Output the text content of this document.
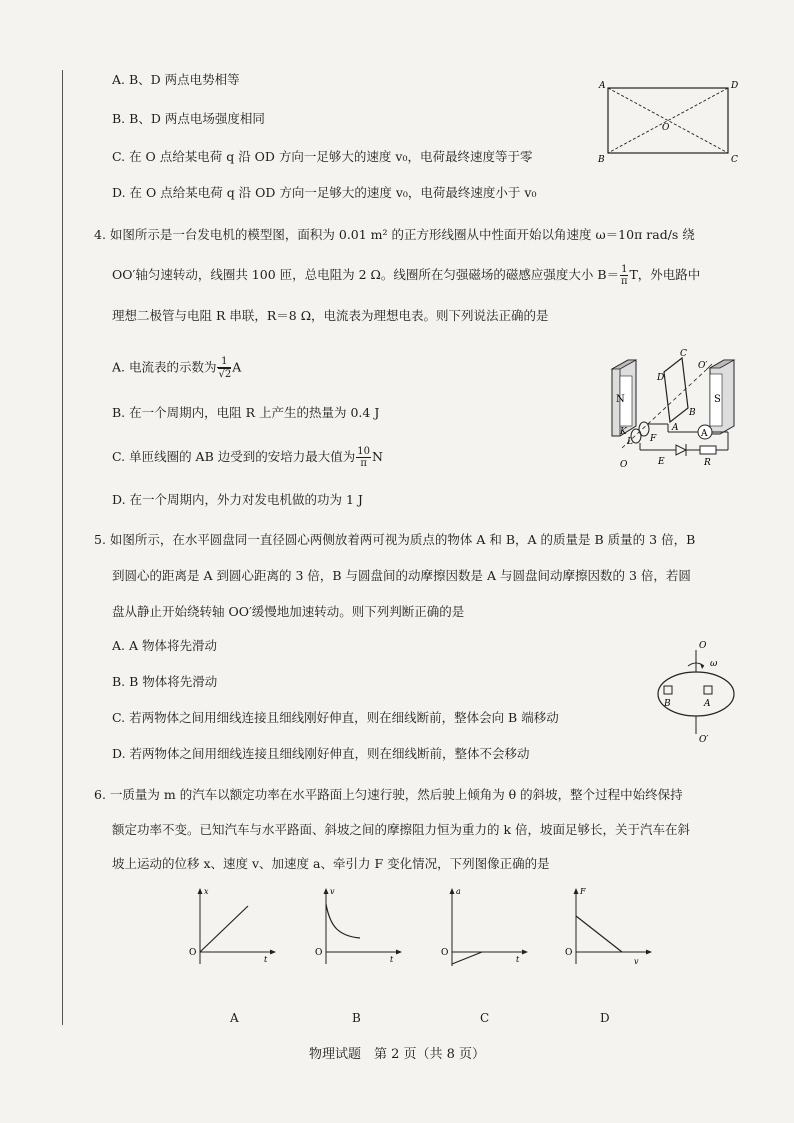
A. B、D 两点电势相等
B. B、D 两点电场强度相同
C. 在 O 点给某电荷 q 沿 OD 方向一足够大的速度 v₀，电荷最终速度等于零
D. 在 O 点给某电荷 q 沿 OD 方向一足够大的速度 v₀，电荷最终速度小于 v₀
A	D
B	C
O
4. 如图所示是一台发电机的模型图，面积为 0.01 m² 的正方形线圈从中性面开始以角速度 ω＝10π rad/s 绕
OO′轴匀速转动，线圈共 100 匝，总电阻为 2 Ω。线圈所在匀强磁场的磁感应强度大小 $B= \frac{1}{\pi}$ T，外电路中
理想二极管与电阻 R 串联，R＝8 Ω，电流表为理想电表。则下列说法正确的是
A. 电流表的示数为 $\frac{1}{√2}$ A
B. 在一个周期内，电阻 R 上产生的热量为 0.4 J
C. 单匝线圈的 AB 边受到的安培力最大值为 $\frac{10}{\pi}$ N
D. 在一个周期内，外力对发电机做的功为 1 J
A
C
O′
D
N	S
B
A
K
L F
O	E	R
5. 如图所示，在水平圆盘同一直径圆心两侧放着两可视为质点的物体 A 和 B，A 的质量是 B 质量的 3 倍，B
到圆心的距离是 A 到圆心距离的 3 倍，B 与圆盘间的动摩擦因数是 A 与圆盘间动摩擦因数的 3 倍，若圆
盘从静止开始绕转轴 OO′缓慢地加速转动。则下列判断正确的是
A. A 物体将先滑动
B. B 物体将先滑动
C. 若两物体之间用细线连接且细线刚好伸直，则在细线断前，整体会向 B 端移动
D. 若两物体之间用细线连接且细线刚好伸直，则在细线断前，整体不会移动
O
ω
B	A
O′
6. 一质量为 m 的汽车以额定功率在水平路面上匀速行驶，然后驶上倾角为 θ 的斜坡，整个过程中始终保持
额定功率不变。已知汽车与水平路面、斜坡之间的摩擦阻力恒为重力的 k 倍，坡面足够长，关于汽车在斜
坡上运动的位移 x、速度 v、加速度 a、牵引力 F 变化情况，下列图像正确的是
x
t
O
v
t
O
a
t
O
F
v
O
A	B	C	D
物理试题　第 2 页（共 8 页）
